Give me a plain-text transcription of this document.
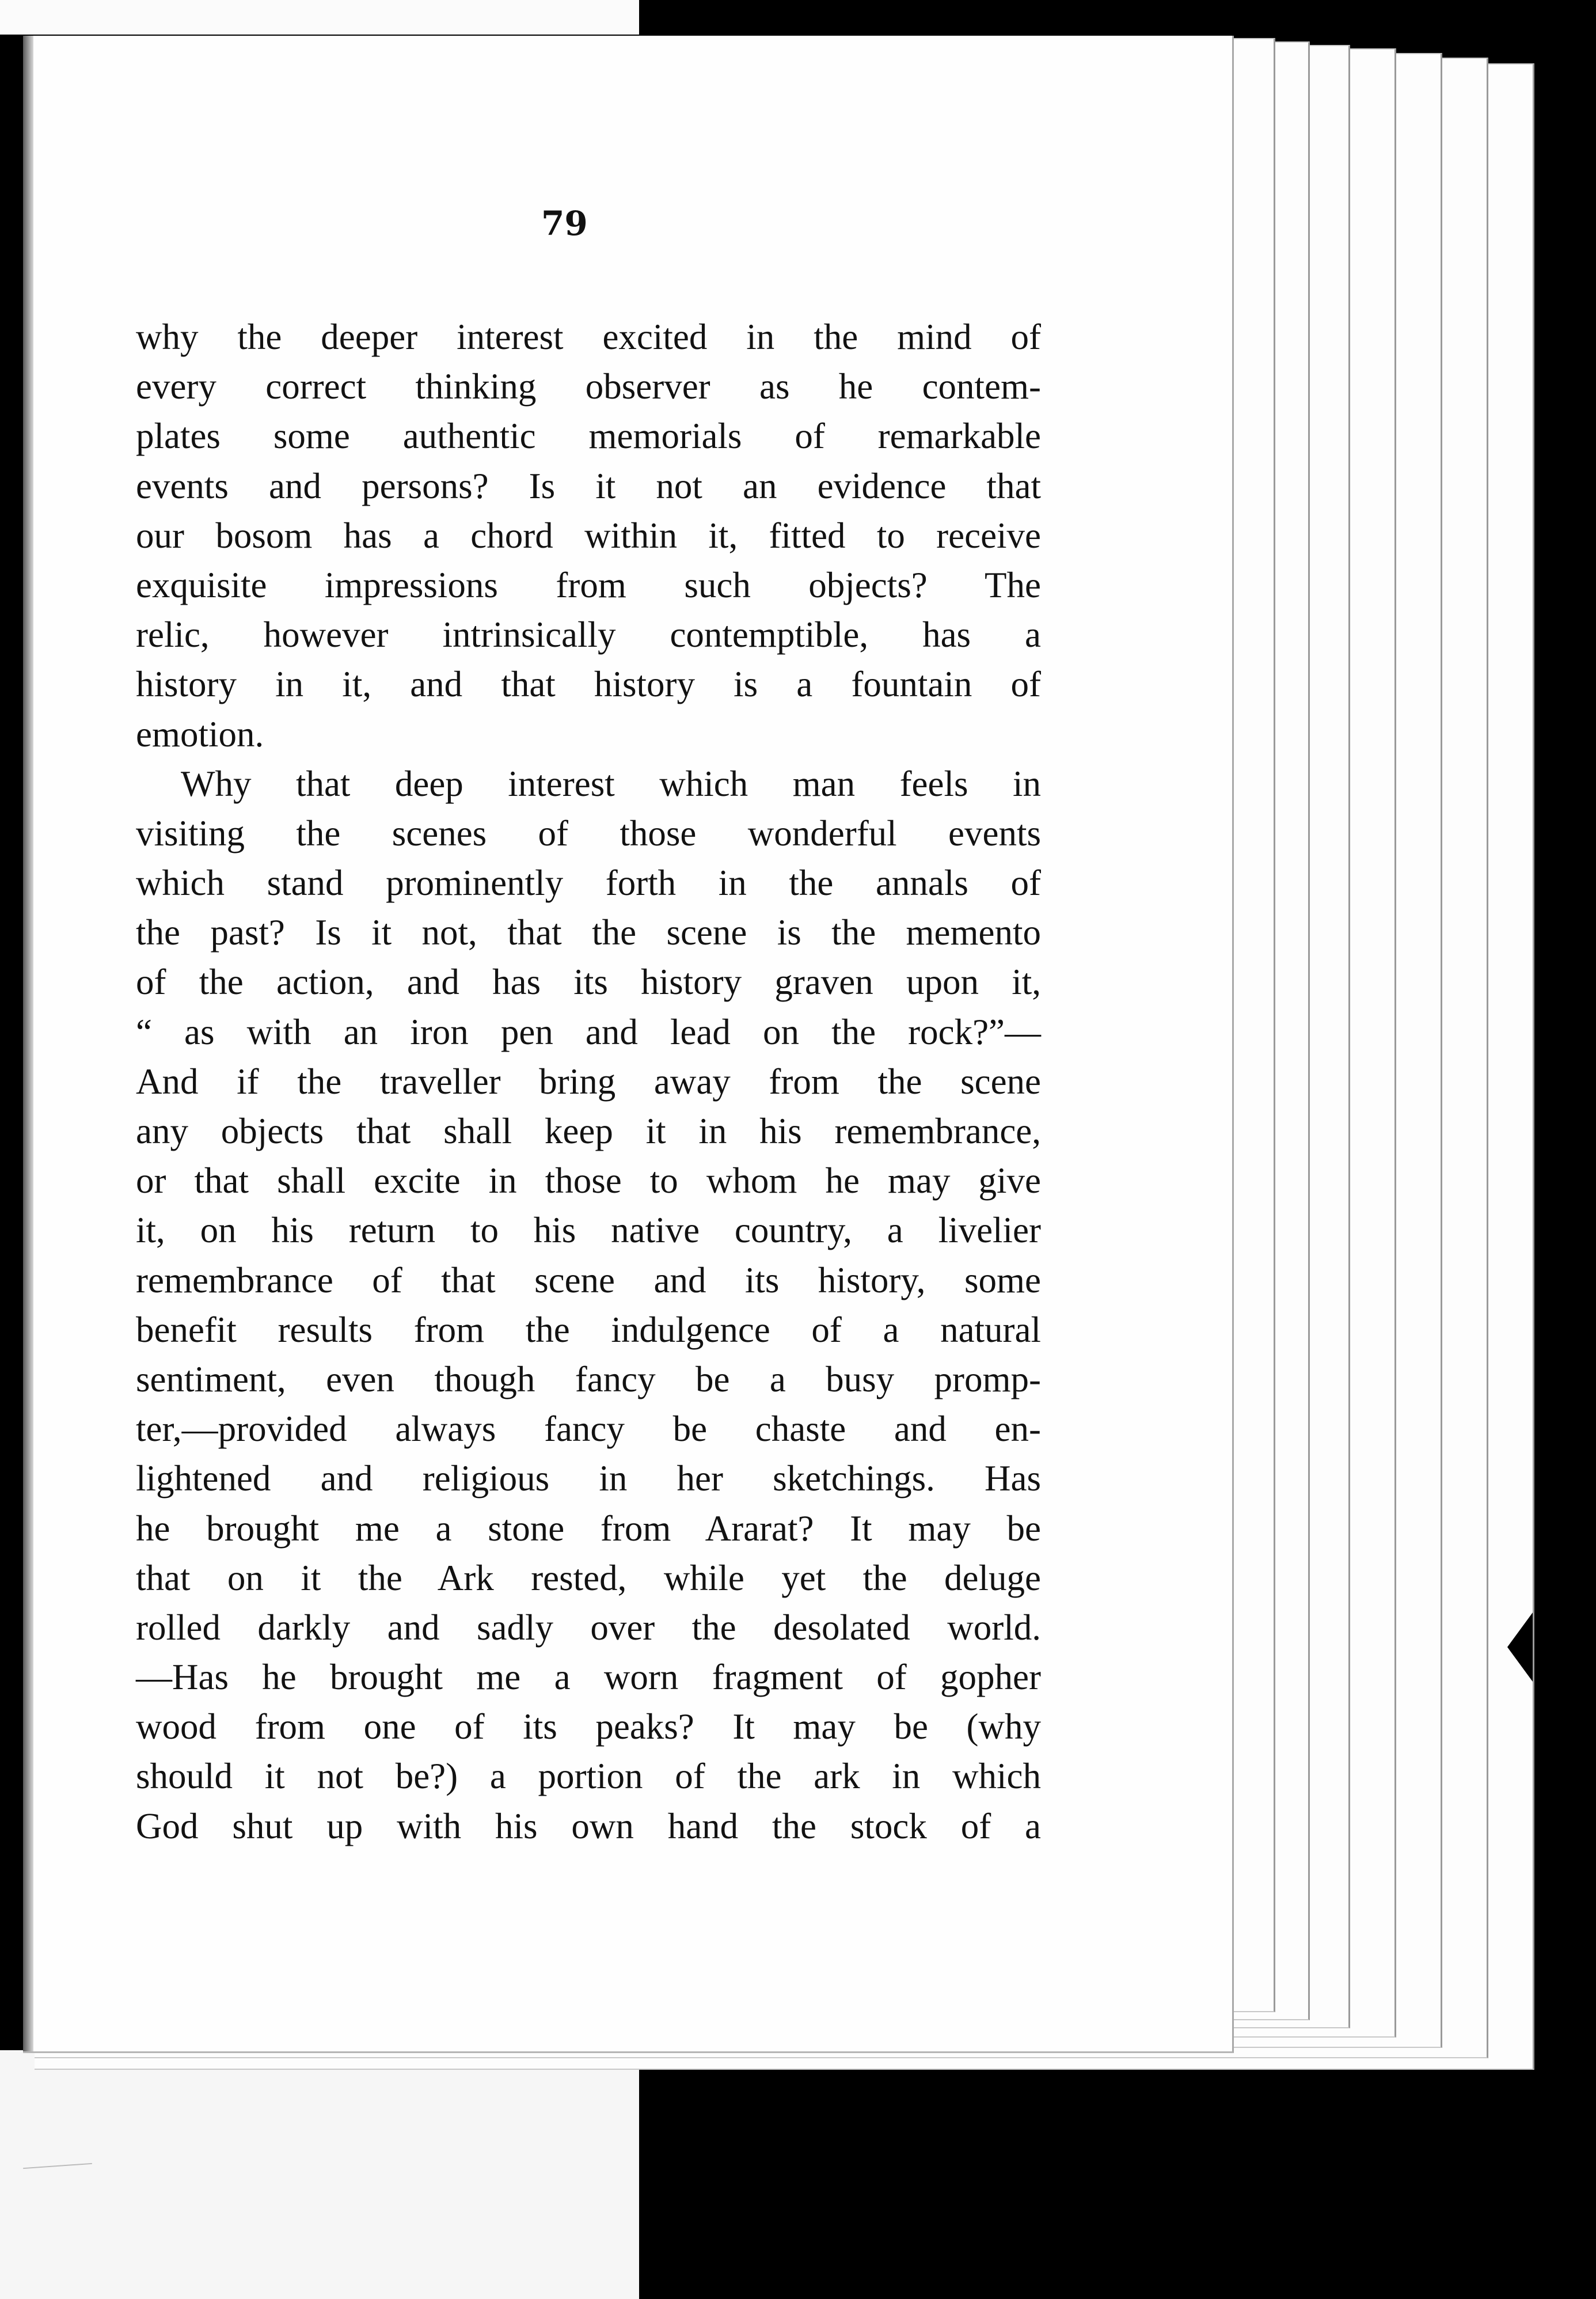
79
why the deeper interest excited in the mind of
every correct thinking observer as he contem-
plates some authentic memorials of remarkable
events and persons? Is it not an evidence that
our bosom has a chord within it, fitted to receive
exquisite impressions from such objects? The
relic, however intrinsically contemptible, has a
history in it, and that history is a fountain of
emotion.
Why that deep interest which man feels in
visiting the scenes of those wonderful events
which stand prominently forth in the annals of
the past? Is it not, that the scene is the memento
of the action, and has its history graven upon it,
“ as with an iron pen and lead on the rock?”—
And if the traveller bring away from the scene
any objects that shall keep it in his remembrance,
or that shall excite in those to whom he may give
it, on his return to his native country, a livelier
remembrance of that scene and its history, some
benefit results from the indulgence of a natural
sentiment, even though fancy be a busy promp-
ter,—provided always fancy be chaste and en-
lightened and religious in her sketchings. Has
he brought me a stone from Ararat? It may be
that on it the Ark rested, while yet the deluge
rolled darkly and sadly over the desolated world.
—Has he brought me a worn fragment of gopher
wood from one of its peaks? It may be (why
should it not be?) a portion of the ark in which
God shut up with his own hand the stock of a
